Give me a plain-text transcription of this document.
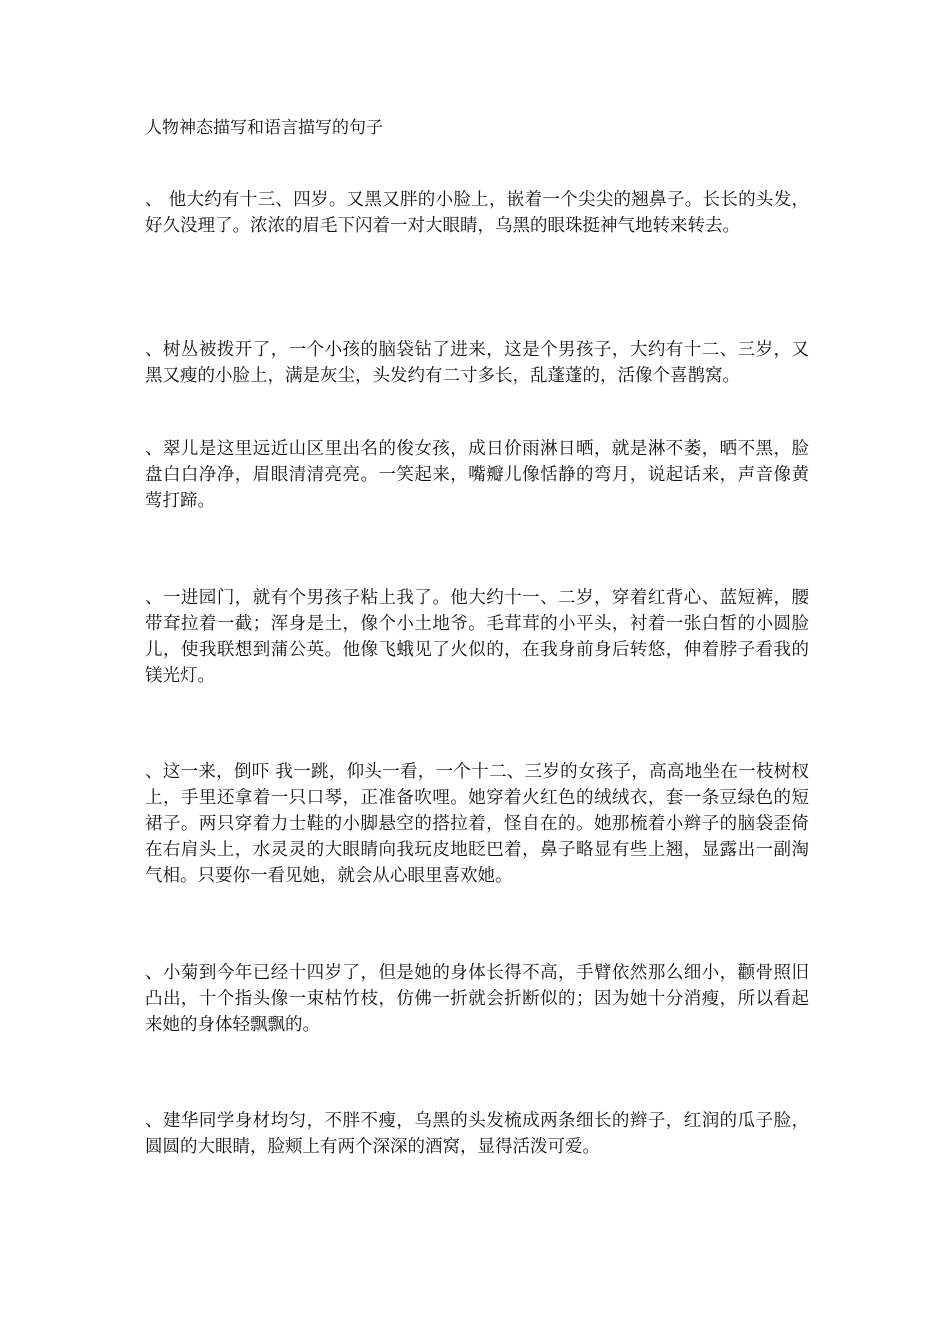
人物神态描写和语言描写的句子
、 他大约有十三、四岁。又黑又胖的小脸上，嵌着一个尖尖的翘鼻子。长长的头发，好久没理了。浓浓的眉毛下闪着一对大眼睛，乌黑的眼珠挺神气地转来转去。
、树丛被拨开了，一个小孩的脑袋钻了进来，这是个男孩子，大约有十二、三岁，又黑又瘦的小脸上，满是灰尘，头发约有二寸多长，乱蓬蓬的，活像个喜鹊窝。
、翠儿是这里远近山区里出名的俊女孩，成日价雨淋日晒，就是淋不萎，晒不黑，脸盘白白净净，眉眼清清亮亮。一笑起来，嘴瓣儿像恬静的弯月，说起话来，声音像黄莺打蹄。
、一进园门，就有个男孩子粘上我了。他大约十一、二岁，穿着红背心、蓝短裤，腰带耷拉着一截；浑身是土，像个小土地爷。毛茸茸的小平头，衬着一张白皙的小圆脸儿，使我联想到蒲公英。他像飞蛾见了火似的，在我身前身后转悠，伸着脖子看我的镁光灯。
、这一来，倒吓 我一跳，仰头一看，一个十二、三岁的女孩子，高高地坐在一枝树杈上，手里还拿着一只口琴，正准备吹哩。她穿着火红色的绒绒衣，套一条豆绿色的短裙子。两只穿着力士鞋的小脚悬空的搭拉着，怪自在的。她那梳着小辫子的脑袋歪倚在右肩头上，水灵灵的大眼睛向我玩皮地眨巴着，鼻子略显有些上翘，显露出一副淘气相。只要你一看见她，就会从心眼里喜欢她。
、小菊到今年已经十四岁了，但是她的身体长得不高，手臂依然那么细小，颧骨照旧凸出，十个指头像一束枯竹枝，仿佛一折就会折断似的；因为她十分消瘦，所以看起来她的身体轻飘飘的。
、建华同学身材均匀，不胖不瘦，乌黑的头发梳成两条细长的辫子，红润的瓜子脸，圆圆的大眼睛，脸颊上有两个深深的酒窝，显得活泼可爱。
